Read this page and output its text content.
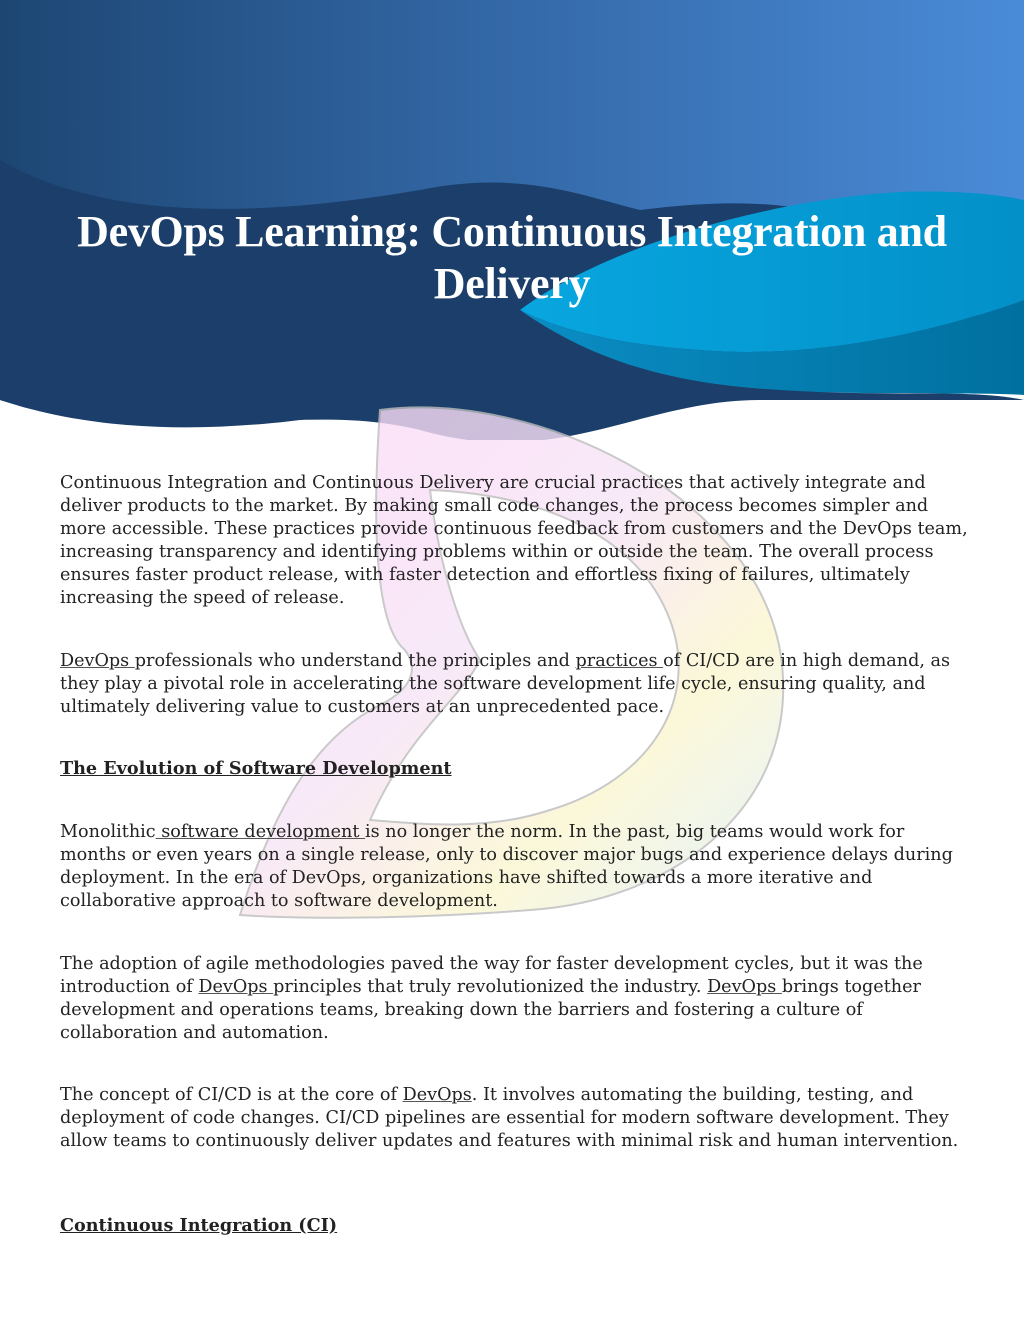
DevOps Learning: Continuous Integration and
Delivery

Continuous Integration and Continuous Delivery are crucial practices that actively integrate and deliver products to the market. By making small code changes, the process becomes simpler and more accessible. These practices provide continuous feedback from customers and the DevOps team, increasing transparency and identifying problems within or outside the team. The overall process ensures faster product release, with faster detection and effortless fixing of failures, ultimately increasing the speed of release.

DevOps professionals who understand the principles and practices of CI/CD are in high demand, as they play a pivotal role in accelerating the software development life cycle, ensuring quality, and ultimately delivering value to customers at an unprecedented pace.

The Evolution of Software Development

Monolithic software development is no longer the norm. In the past, big teams would work for months or even years on a single release, only to discover major bugs and experience delays during deployment. In the era of DevOps, organizations have shifted towards a more iterative and collaborative approach to software development.

The adoption of agile methodologies paved the way for faster development cycles, but it was the introduction of DevOps principles that truly revolutionized the industry. DevOps brings together development and operations teams, breaking down the barriers and fostering a culture of collaboration and automation.

The concept of CI/CD is at the core of DevOps. It involves automating the building, testing, and deployment of code changes. CI/CD pipelines are essential for modern software development. They allow teams to continuously deliver updates and features with minimal risk and human intervention.

Continuous Integration (CI)
